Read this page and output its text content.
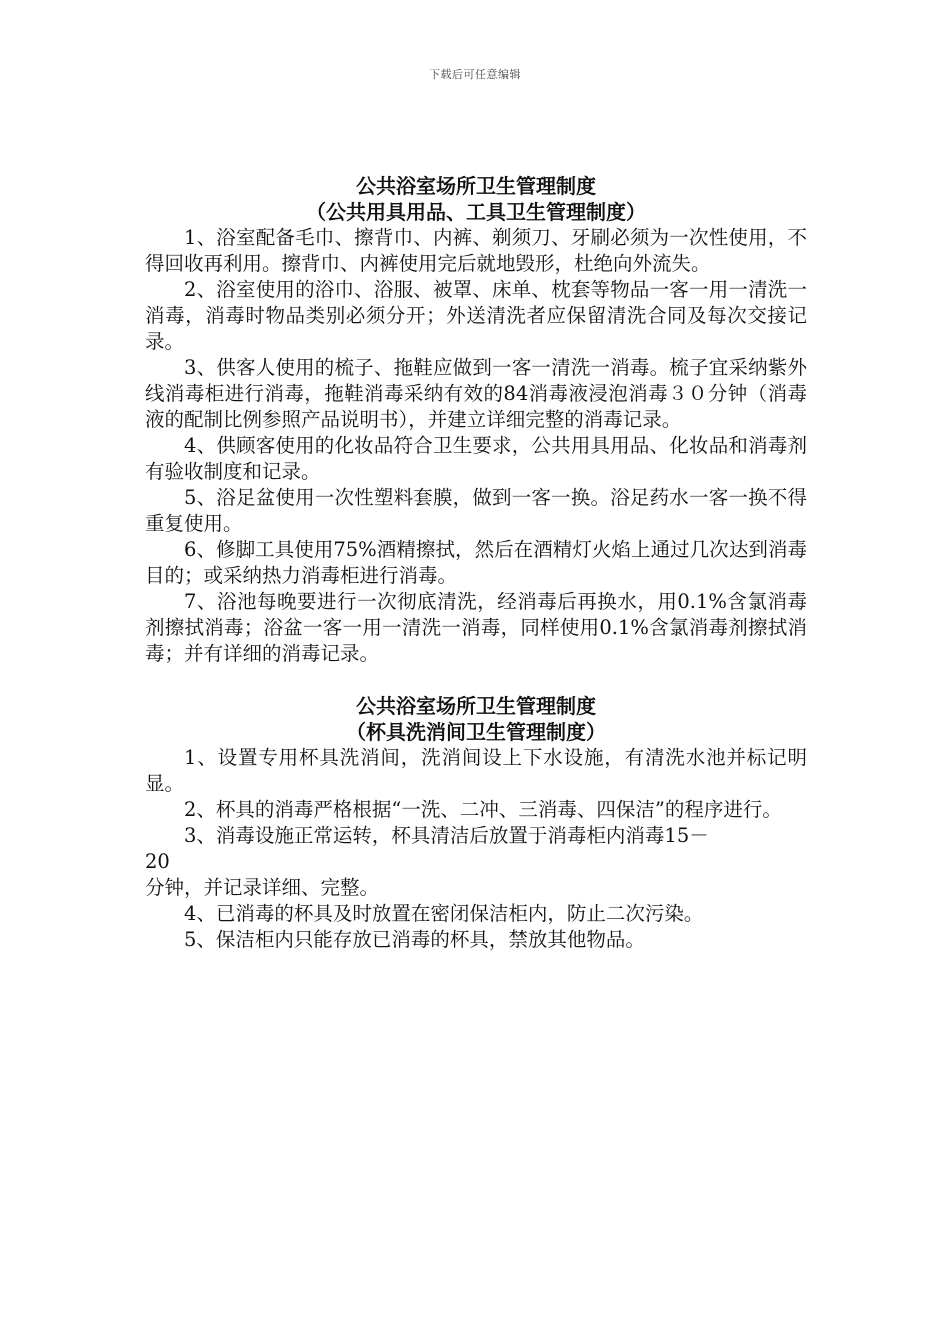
下载后可任意编辑

公共浴室场所卫生管理制度

（公共用具用品、工具卫生管理制度）

1、浴室配备毛巾、擦背巾、内裤、剃须刀、牙刷必须为一次性使用，不得回收再利用。擦背巾、内裤使用完后就地毁形，杜绝向外流失。

2、浴室使用的浴巾、浴服、被罩、床单、枕套等物品一客一用一清洗一消毒，消毒时物品类别必须分开；外送清洗者应保留清洗合同及每次交接记录。

3、供客人使用的梳子、拖鞋应做到一客一清洗一消毒。梳子宜采纳紫外线消毒柜进行消毒，拖鞋消毒采纳有效的84消毒液浸泡消毒３０分钟（消毒液的配制比例参照产品说明书），并建立详细完整的消毒记录。

4、供顾客使用的化妆品符合卫生要求，公共用具用品、化妆品和消毒剂有验收制度和记录。

5、浴足盆使用一次性塑料套膜，做到一客一换。浴足药水一客一换不得重复使用。

6、修脚工具使用75%酒精擦拭，然后在酒精灯火焰上通过几次达到消毒目的；或采纳热力消毒柜进行消毒。

7、浴池每晚要进行一次彻底清洗，经消毒后再换水，用0.1%含氯消毒剂擦拭消毒；浴盆一客一用一清洗一消毒，同样使用0.1%含氯消毒剂擦拭消毒；并有详细的消毒记录。

公共浴室场所卫生管理制度

（杯具洗消间卫生管理制度）

1、设置专用杯具洗消间，洗消间设上下水设施，有清洗水池并标记明显。

2、杯具的消毒严格根据“一洗、二冲、三消毒、四保洁”的程序进行。

3、消毒设施正常运转，杯具清洁后放置于消毒柜内消毒15－

20

分钟，并记录详细、完整。

4、已消毒的杯具及时放置在密闭保洁柜内，防止二次污染。

5、保洁柜内只能存放已消毒的杯具，禁放其他物品。
